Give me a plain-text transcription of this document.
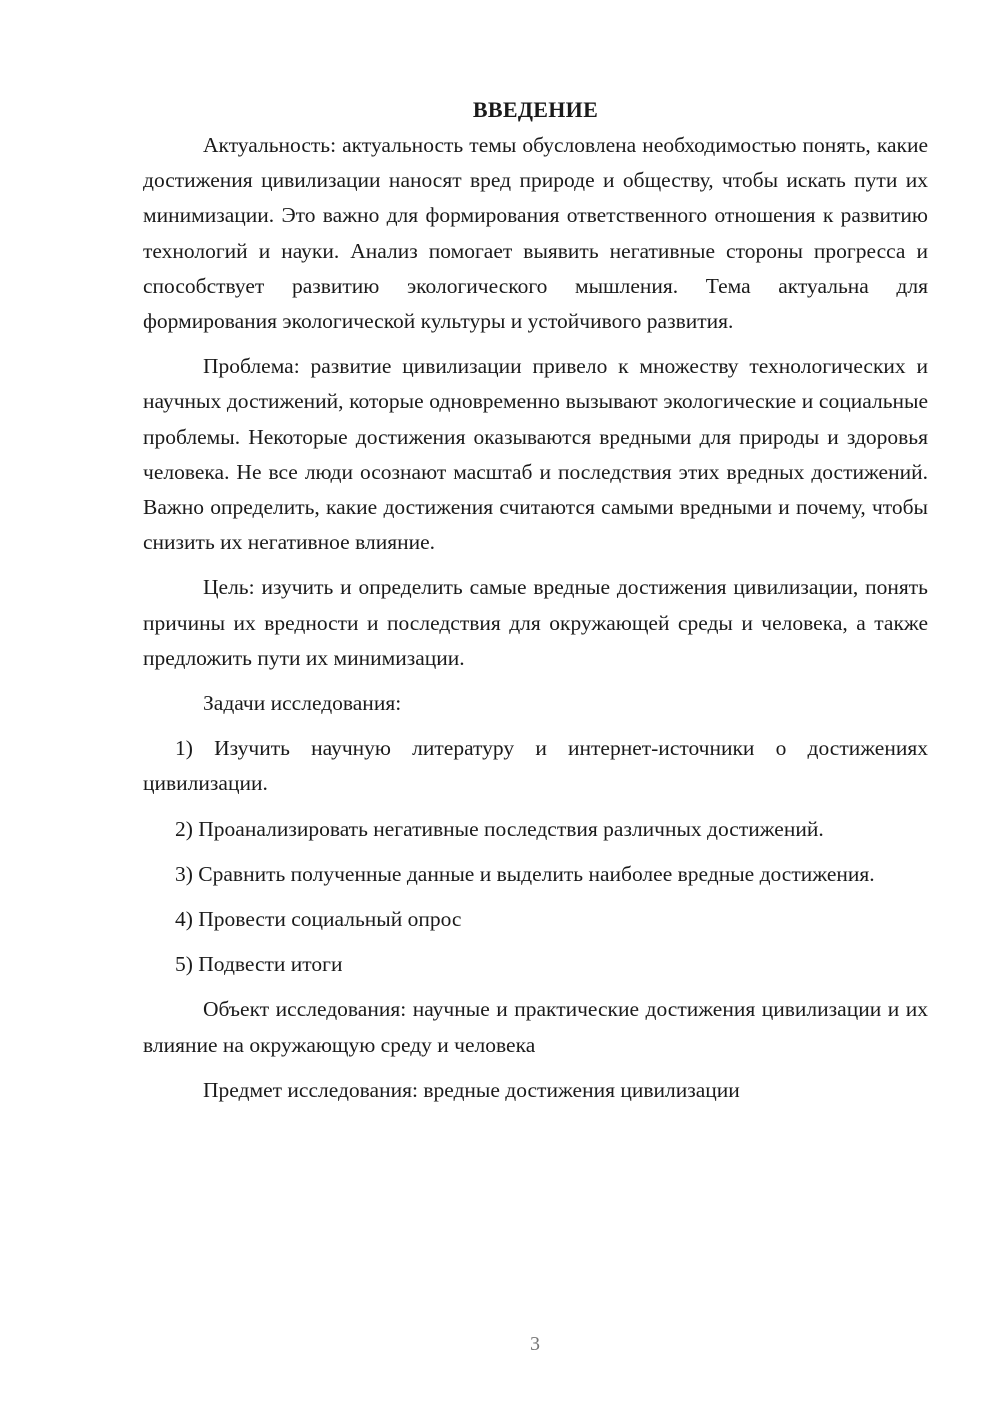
ВВЕДЕНИЕ

Актуальность: актуальность темы обусловлена необходимостью понять, какие достижения цивилизации наносят вред природе и обществу, чтобы искать пути их минимизации. Это важно для формирования ответственного отношения к развитию технологий и науки. Анализ помогает выявить негативные стороны прогресса и способствует развитию экологического мышления. Тема актуальна для формирования экологической культуры и устойчивого развития.

Проблема: развитие цивилизации привело к множеству технологических и научных достижений, которые одновременно вызывают экологические и социальные проблемы. Некоторые достижения оказываются вредными для природы и здоровья человека. Не все люди осознают масштаб и последствия этих вредных достижений. Важно определить, какие достижения считаются самыми вредными и почему, чтобы снизить их негативное влияние.

Цель: изучить и определить самые вредные достижения цивилизации, понять причины их вредности и последствия для окружающей среды и человека, а также предложить пути их минимизации.

Задачи исследования:

1) Изучить научную литературу и интернет-источники о достижениях цивилизации.

2) Проанализировать негативные последствия различных достижений.

3) Сравнить полученные данные и выделить наиболее вредные достижения.

4) Провести социальный опрос

5) Подвести итоги

Объект исследования: научные и практические достижения цивилизации и их влияние на окружающую среду и человека

Предмет исследования: вредные достижения цивилизации

3
